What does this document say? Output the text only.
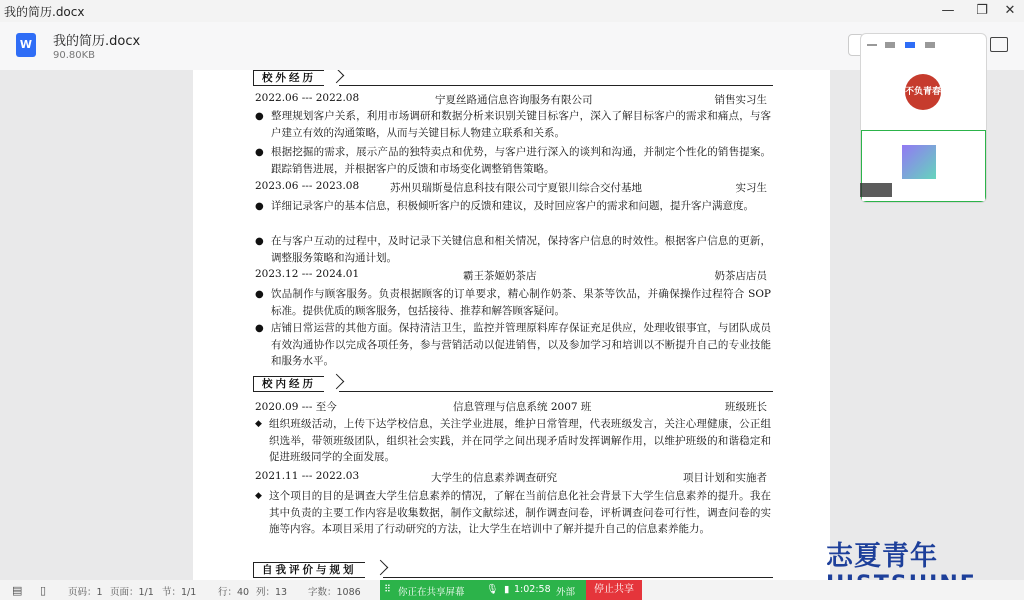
我的简历.docx	—	❐	✕
W	我的简历.docx
90.80KB
校外经历
2022.06 --- 2022.08	宁夏丝路通信息咨询服务有限公司	销售实习生
● 整理规划客户关系，利用市场调研和数据分析来识别关键目标客户，深入了解目标客户的需求和痛点，与客户建立有效的沟通策略，从而与关键目标人物建立联系和关系。
● 根据挖掘的需求，展示产品的独特卖点和优势，与客户进行深入的谈判和沟通，并制定个性化的销售提案。跟踪销售进展，并根据客户的反馈和市场变化调整销售策略。
2023.06 --- 2023.08	苏州贝瑞斯曼信息科技有限公司宁夏银川综合交付基地	实习生
● 详细记录客户的基本信息，积极倾听客户的反馈和建议，及时回应客户的需求和问题，提升客户满意度。
● 在与客户互动的过程中，及时记录下关键信息和相关情况，保持客户信息的时效性。根据客户信息的更新，调整服务策略和沟通计划。
2023.12 --- 2024.01	霸王茶姬奶茶店	奶茶店店员
● 饮品制作与顾客服务。负责根据顾客的订单要求，精心制作奶茶、果茶等饮品，并确保操作过程符合 SOP 标准。提供优质的顾客服务，包括接待、推荐和解答顾客疑问。
● 店铺日常运营的其他方面。保持清洁卫生，监控并管理原料库存保证充足供应，处理收银事宜，与团队成员有效沟通协作以完成各项任务，参与营销活动以促进销售，以及参加学习和培训以不断提升自己的专业技能和服务水平。
校内经历
2020.09 --- 至今	信息管理与信息系统 2007 班	班级班长
◆ 组织班级活动，上传下达学校信息，关注学业进展，维护日常管理，代表班级发言，关注心理健康，公正组织选举，带领班级团队，组织社会实践，并在同学之间出现矛盾时发挥调解作用，以维护班级的和谐稳定和促进班级同学的全面发展。
2021.11 --- 2022.03	大学生的信息素养调查研究	项目计划和实施者
◆ 这个项目的目的是调查大学生信息素养的情况，了解在当前信息化社会背景下大学生信息素养的提升。我在其中负责的主要工作内容是收集数据，制作文献综述，制作调查问卷，评析调查问卷可行性，调查问卷的实施等内容。本项目采用了行动研究的方法，让大学生在培训中了解并提升自己的信息素养能力。
自我评价与规划
不负青春
志夏青年
▤ ▯ 页码：1 页面：1/1 节：1/1 行：40 列：13 字数：1086 ⠿ 你正在共享屏幕 🎙 ▮ 1:02:58 外部	停止共享
